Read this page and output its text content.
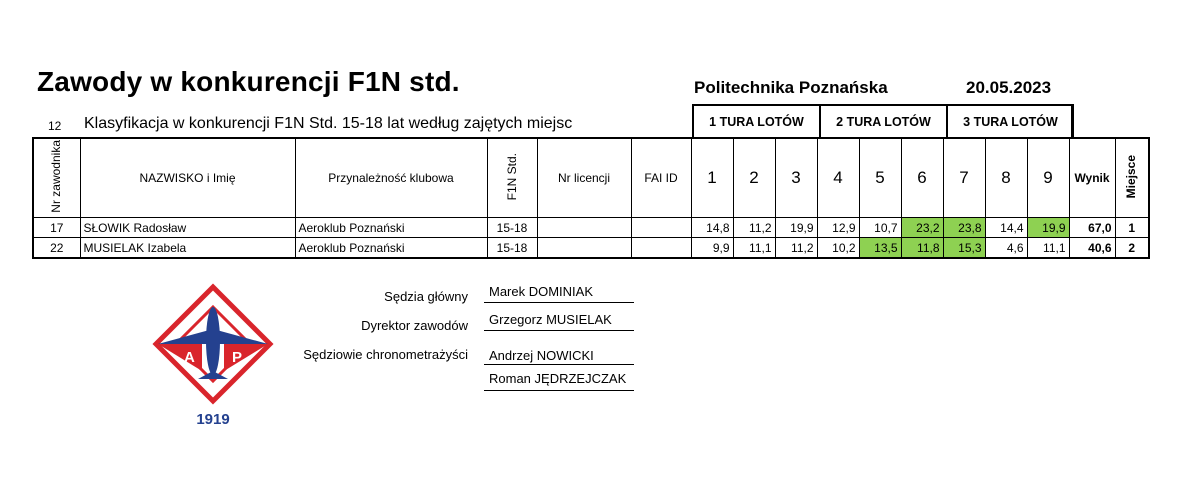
Zawody w konkurencji F1N std.	Politechnika Poznańska	20.05.2023
12 Klasyfikacja w konkurencji F1N Std. 15-18 lat według zajętych miejsc	1 TURA LOTÓW	2 TURA LOTÓW	3 TURA LOTÓW
Nr zawodnika	NAZWISKO i Imię	Przynależność klubowa	F1N Std.	Nr licencji	FAI ID	1	2	3	4	5	6	7	8	9	Wynik	Miejsce
17	SŁOWIK Radosław	Aeroklub Poznański	15-18			14,8	11,2	19,9	12,9	10,7	23,2	23,8	14,4	19,9	67,0	1
22	MUSIELAK Izabela	Aeroklub Poznański	15-18			9,9	11,1	11,2	10,2	13,5	11,8	15,3	4,6	11,1	40,6	2
A P
1919
Sędzia główny Marek DOMINIAK
Dyrektor zawodów Grzegorz MUSIELAK
Sędziowie chronometrażyści Andrzej NOWICKI
Roman JĘDRZEJCZAK
